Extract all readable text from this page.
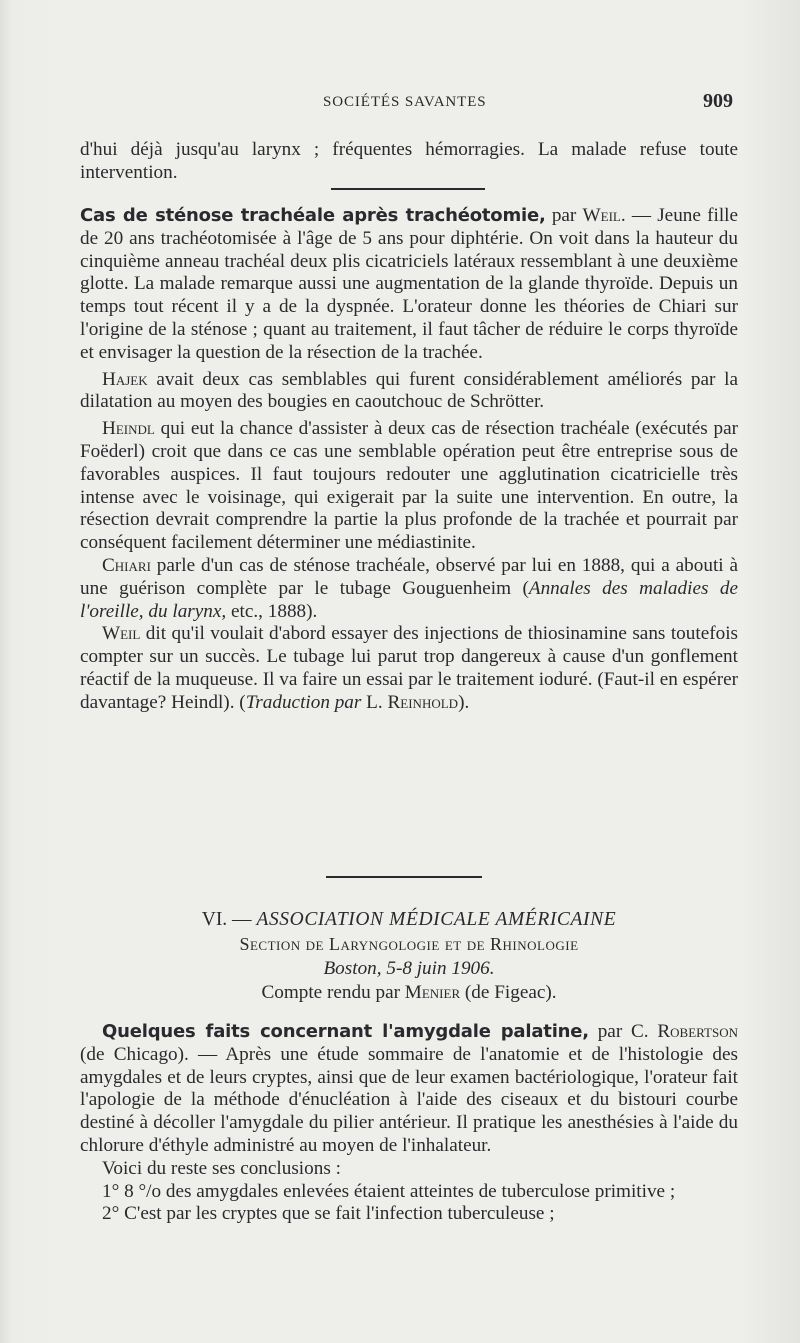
SOCIÉTÉS SAVANTES	909

d'hui déjà jusqu'au larynx ; fréquentes hémorragies. La malade refuse toute intervention.

Cas de sténose trachéale après trachéotomie, par Weil. — Jeune fille de 20 ans trachéotomisée à l'âge de 5 ans pour diphtérie. On voit dans la hauteur du cinquième anneau trachéal deux plis cicatriciels latéraux ressemblant à une deuxième glotte. La malade remarque aussi une augmentation de la glande thyroïde. Depuis un temps tout récent il y a de la dyspnée. L'orateur donne les théories de Chiari sur l'origine de la sténose ; quant au traitement, il faut tâcher de réduire le corps thyroïde et envisager la question de la résection de la trachée.

Hajek avait deux cas semblables qui furent considérablement améliorés par la dilatation au moyen des bougies en caoutchouc de Schrötter.

Heindl qui eut la chance d'assister à deux cas de résection trachéale (exécutés par Foëderl) croit que dans ce cas une semblable opération peut être entreprise sous de favorables auspices. Il faut toujours redouter une agglutination cicatricielle très intense avec le voisinage, qui exigerait par la suite une intervention. En outre, la résection devrait comprendre la partie la plus profonde de la trachée et pourrait par conséquent facilement déterminer une médiastinite.

Chiari parle d'un cas de sténose trachéale, observé par lui en 1888, qui a abouti à une guérison complète par le tubage Gouguenheim (Annales des maladies de l'oreille, du larynx, etc., 1888).

Weil dit qu'il voulait d'abord essayer des injections de thiosinamine sans toutefois compter sur un succès. Le tubage lui parut trop dangereux à cause d'un gonflement réactif de la muqueuse. Il va faire un essai par le traitement ioduré. (Faut-il en espérer davantage? Heindl). (Traduction par L. Reinhold).

VI. — ASSOCIATION MÉDICALE AMÉRICAINE
Section de Laryngologie et de Rhinologie
Boston, 5-8 juin 1906.
Compte rendu par Menier (de Figeac).

Quelques faits concernant l'amygdale palatine, par C. Robertson (de Chicago). — Après une étude sommaire de l'anatomie et de l'histologie des amygdales et de leurs cryptes, ainsi que de leur examen bactériologique, l'orateur fait l'apologie de la méthode d'énucléation à l'aide des ciseaux et du bistouri courbe destiné à décoller l'amygdale du pilier antérieur. Il pratique les anesthésies à l'aide du chlorure d'éthyle administré au moyen de l'inhalateur.

Voici du reste ses conclusions :

1° 8 °/o des amygdales enlevées étaient atteintes de tuberculose primitive ;

2° C'est par les cryptes que se fait l'infection tuberculeuse ;
